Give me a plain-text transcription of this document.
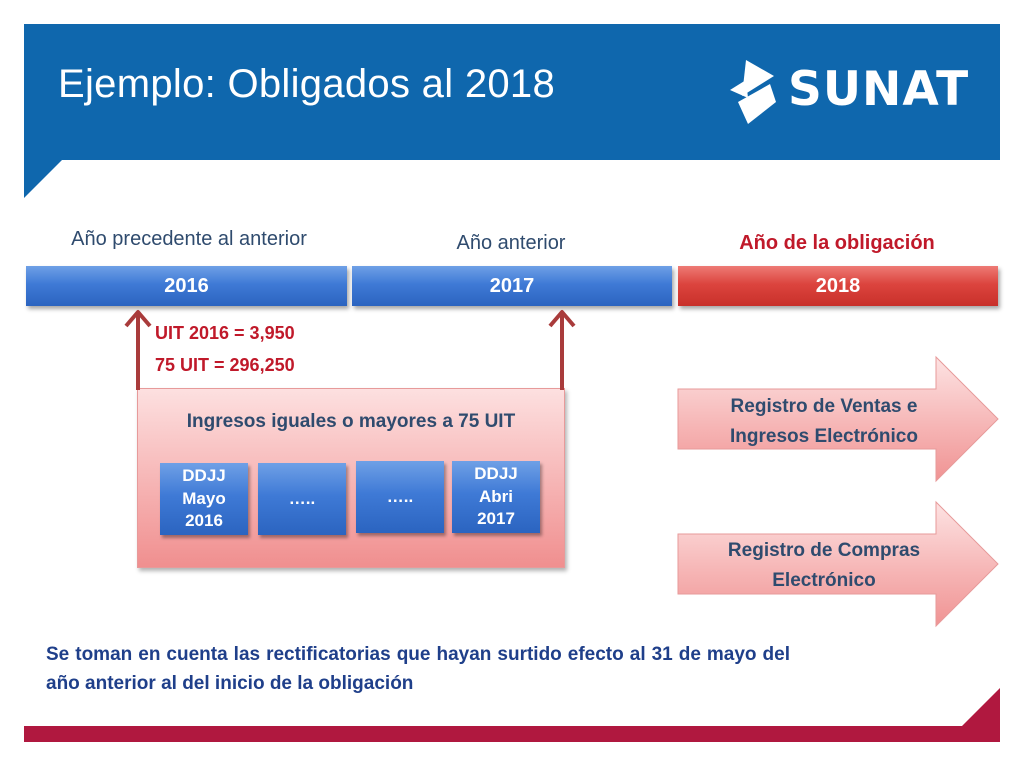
Ejemplo: Obligados al 2018	SUNAT
Año precedente al anterior	Año anterior	Año de la obligación
2016	2017	2018
UIT 2016 = 3,950
75 UIT = 296,250
Ingresos iguales o mayores a 75 UIT
DDJJ
Mayo
2016
…..	…..
DDJJ
Abri
2017
Registro de Ventas e
Ingresos Electrónico
Registro de Compras
Electrónico
Se toman en cuenta las rectificatorias que hayan surtido efecto al 31 de mayo del año anterior al del inicio de la obligación
